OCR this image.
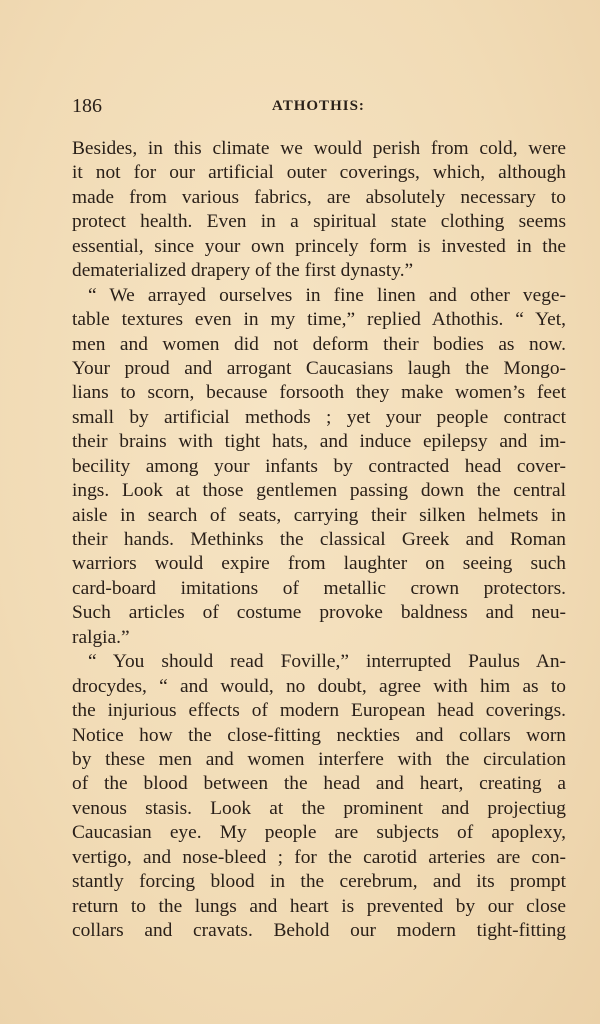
186	ATHOTHIS:
Besides, in this climate we would perish from cold, were
it not for our artificial outer coverings, which, although
made from various fabrics, are absolutely necessary to
protect health. Even in a spiritual state clothing seems
essential, since your own princely form is invested in the
dematerialized drapery of the first dynasty.”
“ We arrayed ourselves in fine linen and other vege-
table textures even in my time,” replied Athothis. “ Yet,
men and women did not deform their bodies as now.
Your proud and arrogant Caucasians laugh the Mongo-
lians to scorn, because forsooth they make women’s feet
small by artificial methods ; yet your people contract
their brains with tight hats, and induce epilepsy and im-
becility among your infants by contracted head cover-
ings. Look at those gentlemen passing down the central
aisle in search of seats, carrying their silken helmets in
their hands. Methinks the classical Greek and Roman
warriors would expire from laughter on seeing such
card-board imitations of metallic crown protectors.
Such articles of costume provoke baldness and neu-
ralgia.”
“ You should read Foville,” interrupted Paulus An-
drocydes, “ and would, no doubt, agree with him as to
the injurious effects of modern European head coverings.
Notice how the close-fitting neckties and collars worn
by these men and women interfere with the circulation
of the blood between the head and heart, creating a
venous stasis. Look at the prominent and projectiug
Caucasian eye. My people are subjects of apoplexy,
vertigo, and nose-bleed ; for the carotid arteries are con-
stantly forcing blood in the cerebrum, and its prompt
return to the lungs and heart is prevented by our close
collars and cravats. Behold our modern tight-fitting
